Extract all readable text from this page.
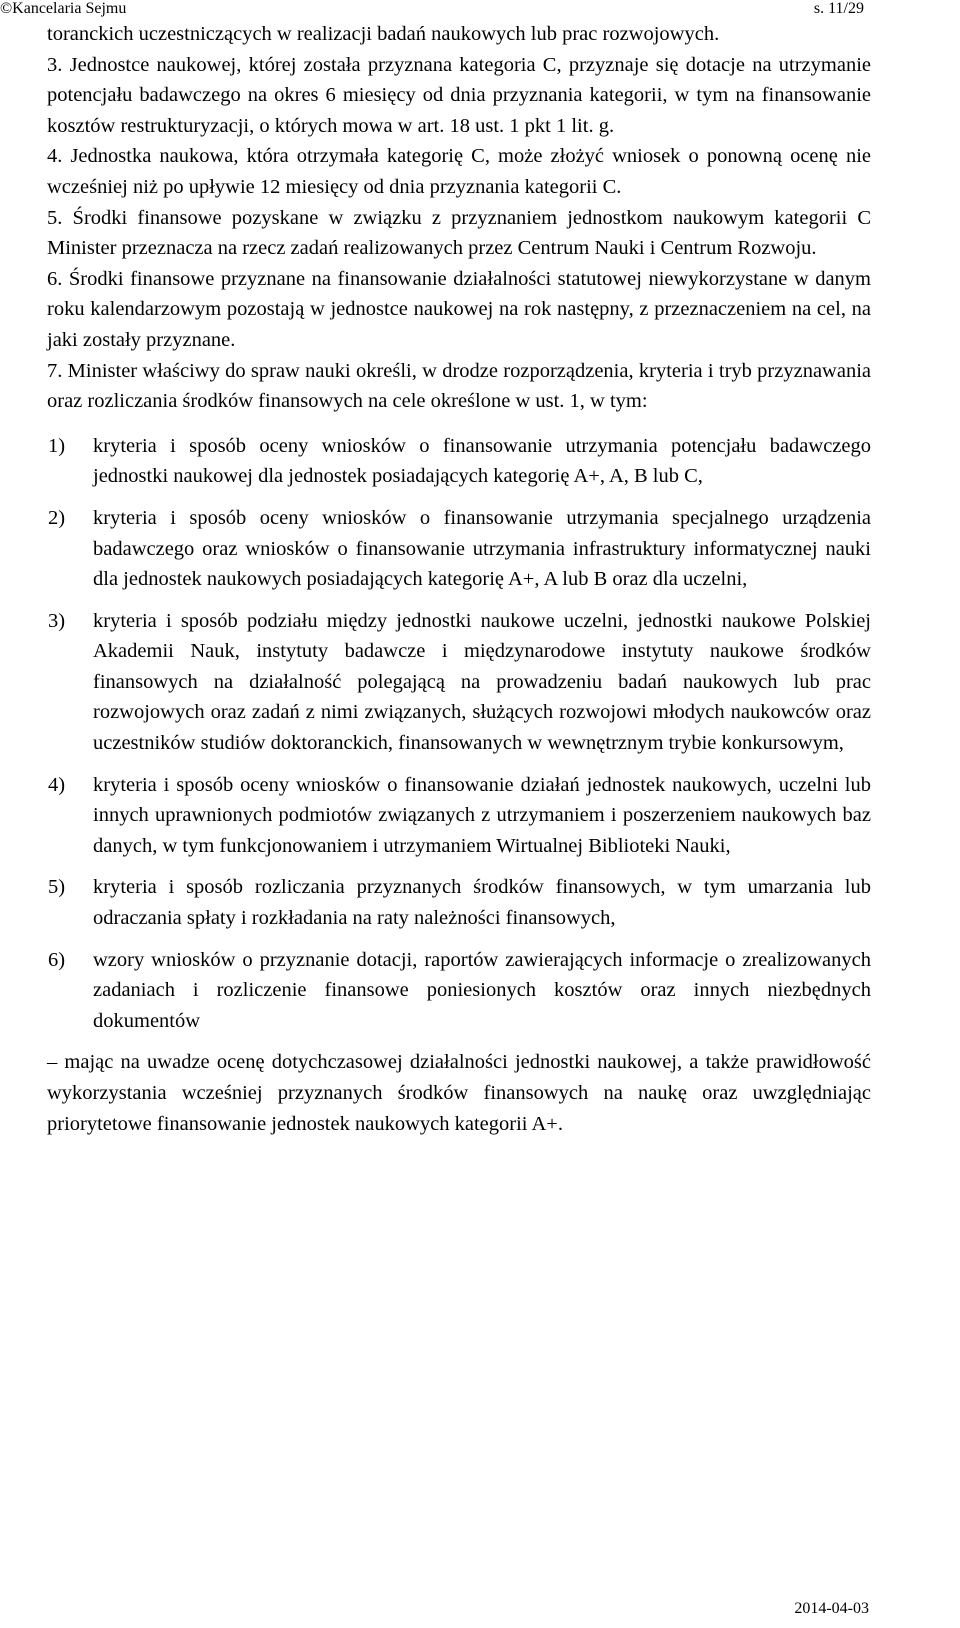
©Kancelaria Sejmu	s. 11/29

toranckich uczestniczących w realizacji badań naukowych lub prac rozwojowych.

3. Jednostce naukowej, której została przyznana kategoria C, przyznaje się dotacje na utrzymanie potencjału badawczego na okres 6 miesięcy od dnia przyznania kategorii, w tym na finansowanie kosztów restrukturyzacji, o których mowa w art. 18 ust. 1 pkt 1 lit. g.

4. Jednostka naukowa, która otrzymała kategorię C, może złożyć wniosek o ponowną ocenę nie wcześniej niż po upływie 12 miesięcy od dnia przyznania kategorii C.

5. Środki finansowe pozyskane w związku z przyznaniem jednostkom naukowym kategorii C Minister przeznacza na rzecz zadań realizowanych przez Centrum Nauki i Centrum Rozwoju.

6. Środki finansowe przyznane na finansowanie działalności statutowej niewykorzystane w danym roku kalendarzowym pozostają w jednostce naukowej na rok następny, z przeznaczeniem na cel, na jaki zostały przyznane.

7. Minister właściwy do spraw nauki określi, w drodze rozporządzenia, kryteria i tryb przyznawania oraz rozliczania środków finansowych na cele określone w ust. 1, w tym:

1) kryteria i sposób oceny wniosków o finansowanie utrzymania potencjału badawczego jednostki naukowej dla jednostek posiadających kategorię A+, A, B lub C,
2) kryteria i sposób oceny wniosków o finansowanie utrzymania specjalnego urządzenia badawczego oraz wniosków o finansowanie utrzymania infrastruktury informatycznej nauki dla jednostek naukowych posiadających kategorię A+, A lub B oraz dla uczelni,
3) kryteria i sposób podziału między jednostki naukowe uczelni, jednostki naukowe Polskiej Akademii Nauk, instytuty badawcze i międzynarodowe instytuty naukowe środków finansowych na działalność polegającą na prowadzeniu badań naukowych lub prac rozwojowych oraz zadań z nimi związanych, służących rozwojowi młodych naukowców oraz uczestników studiów doktoranckich, finansowanych w wewnętrznym trybie konkursowym,
4) kryteria i sposób oceny wniosków o finansowanie działań jednostek naukowych, uczelni lub innych uprawnionych podmiotów związanych z utrzymaniem i poszerzeniem naukowych baz danych, w tym funkcjonowaniem i utrzymaniem Wirtualnej Biblioteki Nauki,
5) kryteria i sposób rozliczania przyznanych środków finansowych, w tym umarzania lub odraczania spłaty i rozkładania na raty należności finansowych,
6) wzory wniosków o przyznanie dotacji, raportów zawierających informacje o zrealizowanych zadaniach i rozliczenie finansowe poniesionych kosztów oraz innych niezbędnych dokumentów

– mając na uwadze ocenę dotychczasowej działalności jednostki naukowej, a także prawidłowość wykorzystania wcześniej przyznanych środków finansowych na naukę oraz uwzględniając priorytetowe finansowanie jednostek naukowych kategorii A+.

2014-04-03
